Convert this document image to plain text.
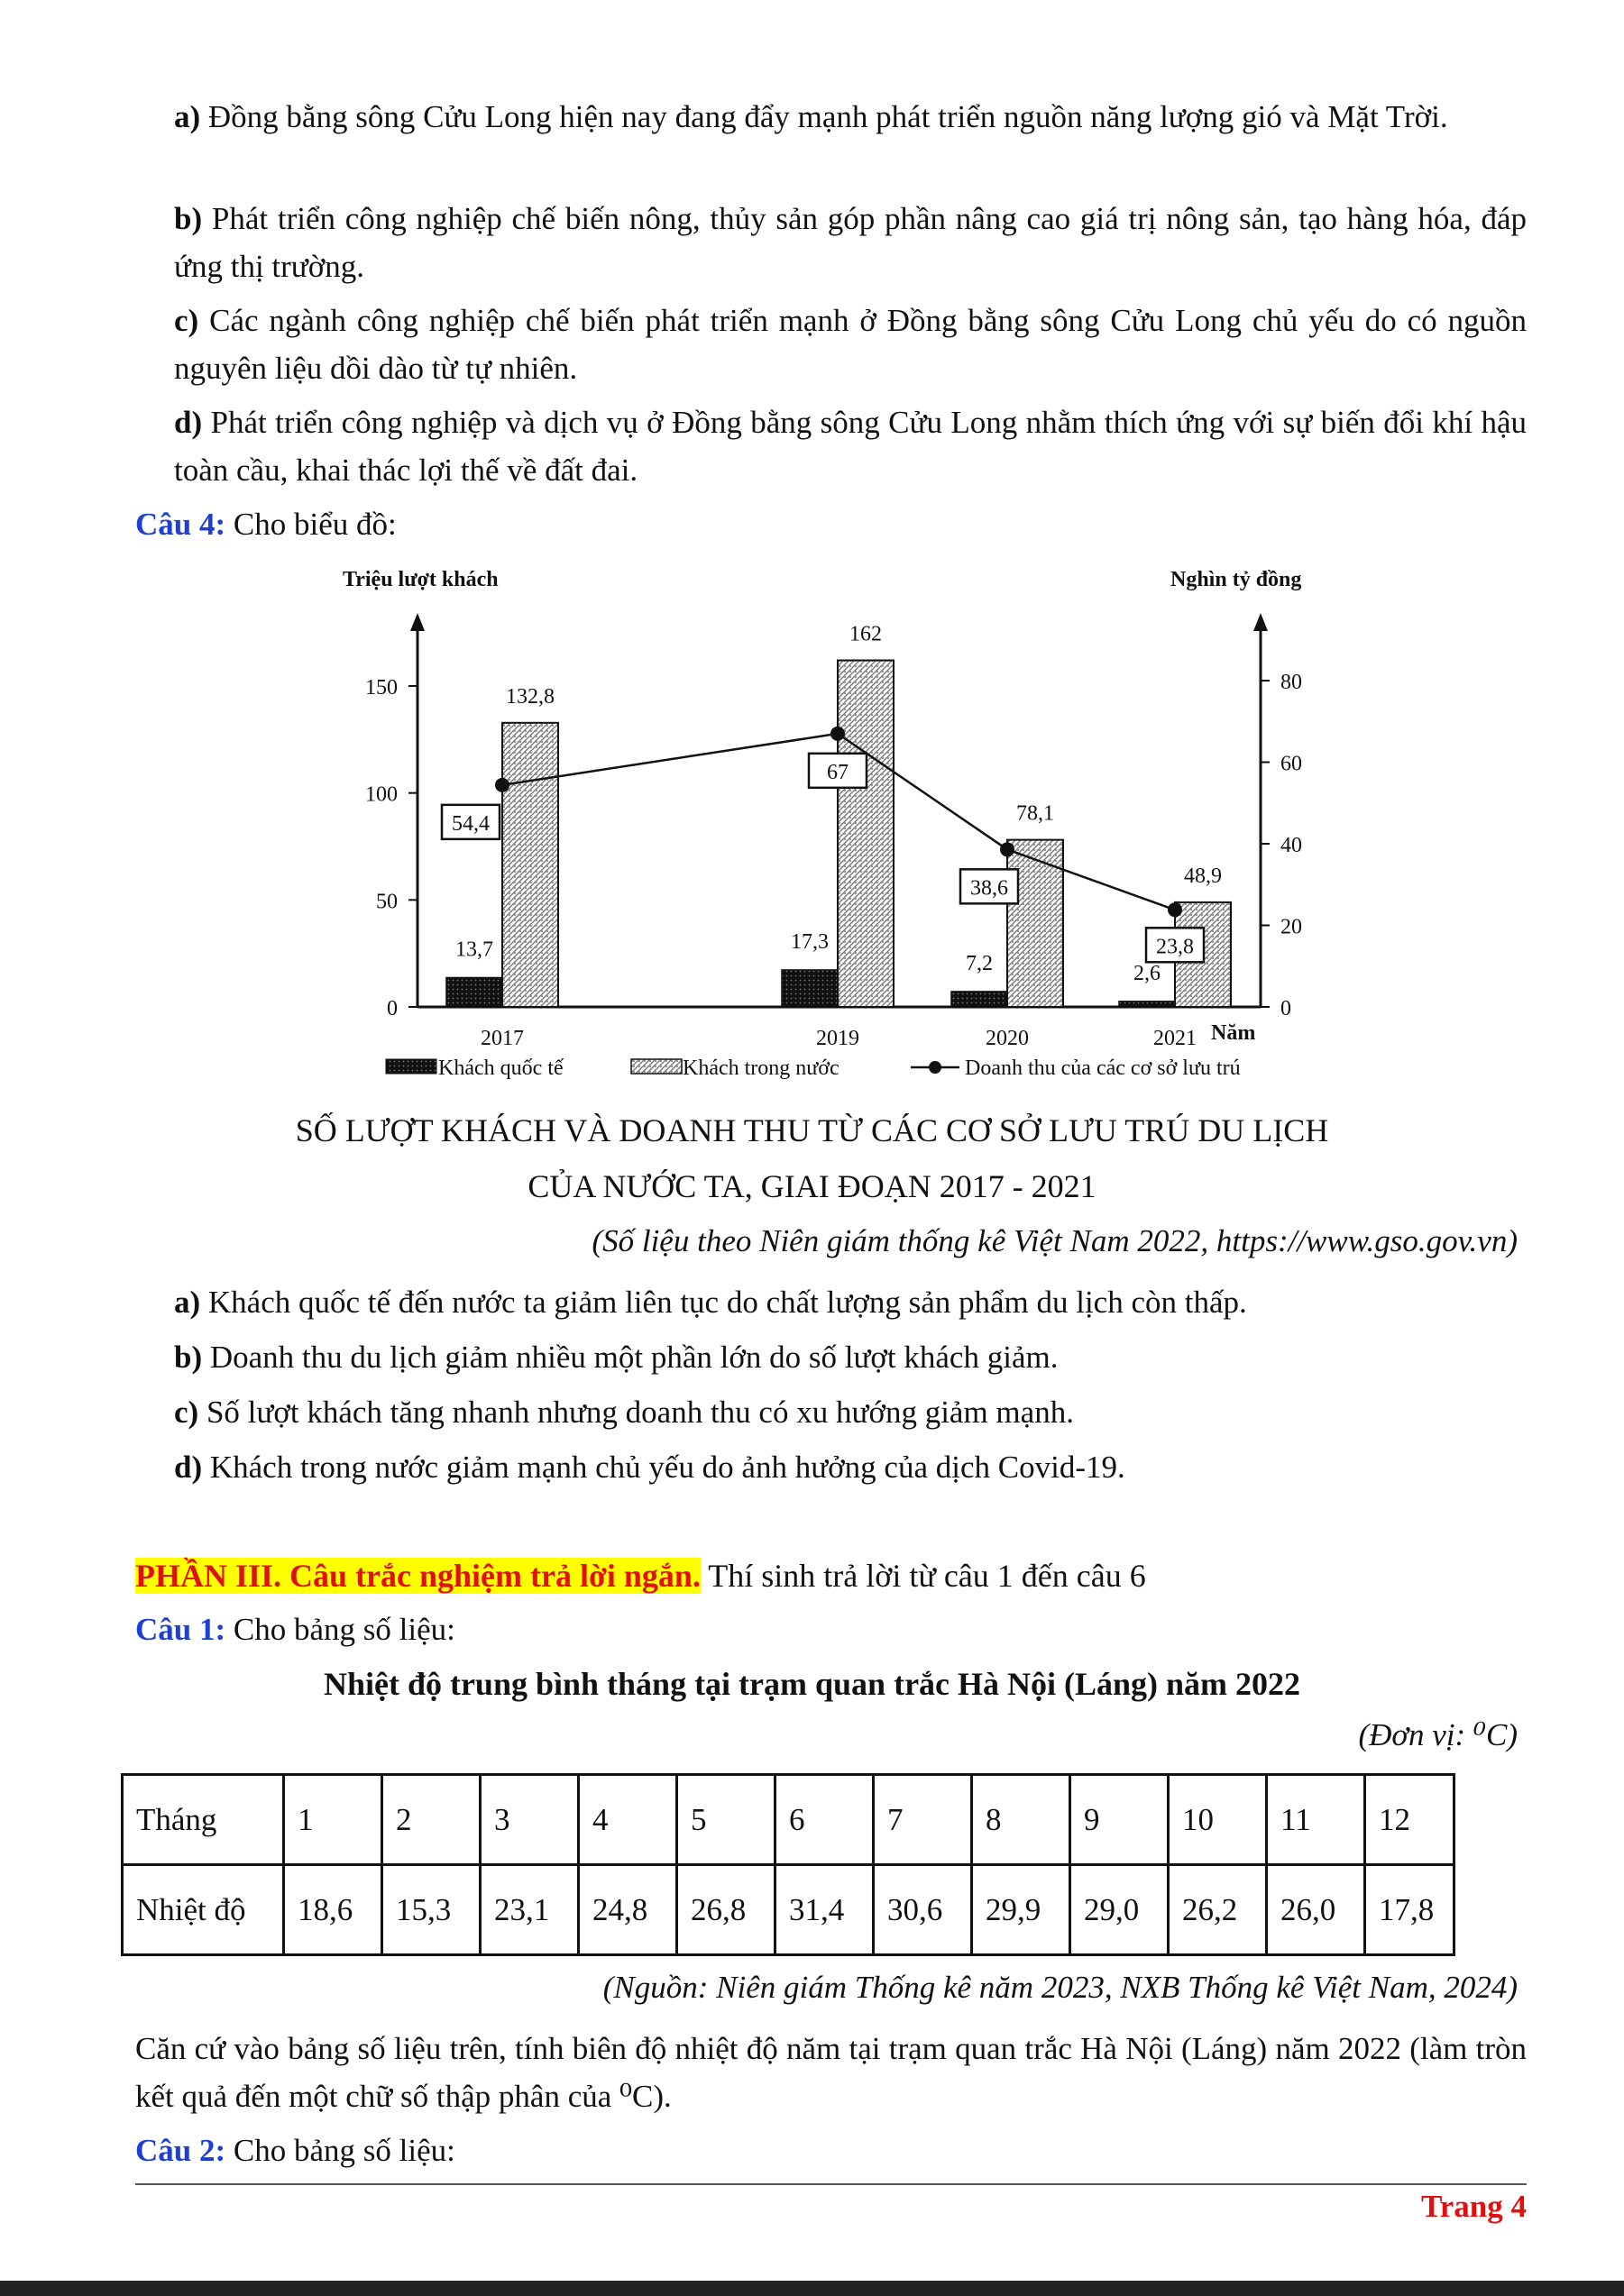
a) Đồng bằng sông Cửu Long hiện nay đang đẩy mạnh phát triển nguồn năng lượng gió và Mặt Trời.
b) Phát triển công nghiệp chế biến nông, thủy sản góp phần nâng cao giá trị nông sản, tạo hàng hóa, đáp ứng thị trường.
c) Các ngành công nghiệp chế biến phát triển mạnh ở Đồng bằng sông Cửu Long chủ yếu do có nguồn nguyên liệu dồi dào từ tự nhiên.
d) Phát triển công nghiệp và dịch vụ ở Đồng bằng sông Cửu Long nhằm thích ứng với sự biến đổi khí hậu toàn cầu, khai thác lợi thế về đất đai.
Câu 4: Cho biểu đồ:
Triệu lượt khách	Nghìn tỷ đồng
0
50
100
150
0
20
40
60
80
2017	2019	2020	2021 Năm
13,7	17,3
7,2	2,6
132,8
162
78,1
48,9
54,4
67
38,6
23,8
Khách quốc tế	Khách trong nước	Doanh thu của các cơ sở lưu trú
SỐ LƯỢT KHÁCH VÀ DOANH THU TỪ CÁC CƠ SỞ LƯU TRÚ DU LỊCH
CỦA NƯỚC TA, GIAI ĐOẠN 2017 - 2021
(Số liệu theo Niên giám thống kê Việt Nam 2022, https://www.gso.gov.vn)
a) Khách quốc tế đến nước ta giảm liên tục do chất lượng sản phẩm du lịch còn thấp.
b) Doanh thu du lịch giảm nhiều một phần lớn do số lượt khách giảm.
c) Số lượt khách tăng nhanh nhưng doanh thu có xu hướng giảm mạnh.
d) Khách trong nước giảm mạnh chủ yếu do ảnh hưởng của dịch Covid-19.
PHẦN III. Câu trắc nghiệm trả lời ngắn. Thí sinh trả lời từ câu 1 đến câu 6
Câu 1: Cho bảng số liệu:
Nhiệt độ trung bình tháng tại trạm quan trắc Hà Nội (Láng) năm 2022
(Đơn vị: ⁰C)
Tháng	1	2	3	4	5	6	7	8	9	10	11	12
Nhiệt độ	18,6	15,3	23,1	24,8	26,8	31,4	30,6	29,9	29,0	26,2	26,0	17,8
(Nguồn: Niên giám Thống kê năm 2023, NXB Thống kê Việt Nam, 2024)
Căn cứ vào bảng số liệu trên, tính biên độ nhiệt độ năm tại trạm quan trắc Hà Nội (Láng) năm 2022 (làm tròn kết quả đến một chữ số thập phân của ⁰C).
Câu 2: Cho bảng số liệu:
Trang 4
